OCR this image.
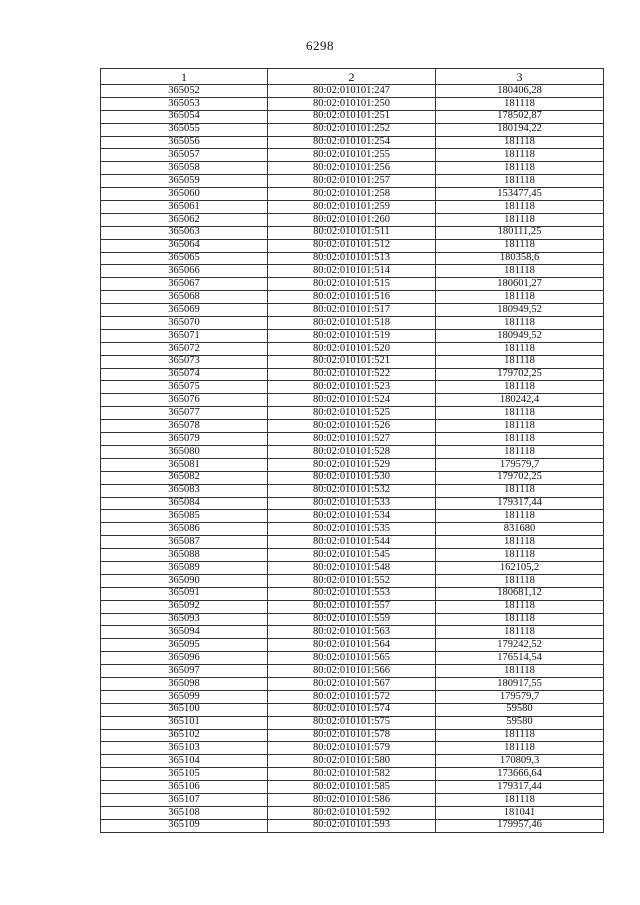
6298
1	2	3
365052	80:02:010101:247	180406,28
365053	80:02:010101:250	181118
365054	80:02:010101:251	178502,87
365055	80:02:010101:252	180194,22
365056	80:02:010101:254	181118
365057	80:02:010101:255	181118
365058	80:02:010101:256	181118
365059	80:02:010101:257	181118
365060	80:02:010101:258	153477,45
365061	80:02:010101:259	181118
365062	80:02:010101:260	181118
365063	80:02:010101:511	180111,25
365064	80:02:010101:512	181118
365065	80:02:010101:513	180358,6
365066	80:02:010101:514	181118
365067	80:02:010101:515	180601,27
365068	80:02:010101:516	181118
365069	80:02:010101:517	180949,52
365070	80:02:010101:518	181118
365071	80:02:010101:519	180949,52
365072	80:02:010101:520	181118
365073	80:02:010101:521	181118
365074	80:02:010101:522	179702,25
365075	80:02:010101:523	181118
365076	80:02:010101:524	180242,4
365077	80:02:010101:525	181118
365078	80:02:010101:526	181118
365079	80:02:010101:527	181118
365080	80:02:010101:528	181118
365081	80:02:010101:529	179579,7
365082	80:02:010101:530	179702,25
365083	80:02:010101:532	181118
365084	80:02:010101:533	179317,44
365085	80:02:010101:534	181118
365086	80:02:010101:535	831680
365087	80:02:010101:544	181118
365088	80:02:010101:545	181118
365089	80:02:010101:548	162105,2
365090	80:02:010101:552	181118
365091	80:02:010101:553	180681,12
365092	80:02:010101:557	181118
365093	80:02:010101:559	181118
365094	80:02:010101:563	181118
365095	80:02:010101:564	179242,52
365096	80:02:010101:565	176514,54
365097	80:02:010101:566	181118
365098	80:02:010101:567	180917,55
365099	80:02:010101:572	179579,7
365100	80:02:010101:574	59580
365101	80:02:010101:575	59580
365102	80:02:010101:578	181118
365103	80:02:010101:579	181118
365104	80:02:010101:580	170809,3
365105	80:02:010101:582	173666,64
365106	80:02:010101:585	179317,44
365107	80:02:010101:586	181118
365108	80:02:010101:592	181041
365109	80:02:010101:593	179957,46
